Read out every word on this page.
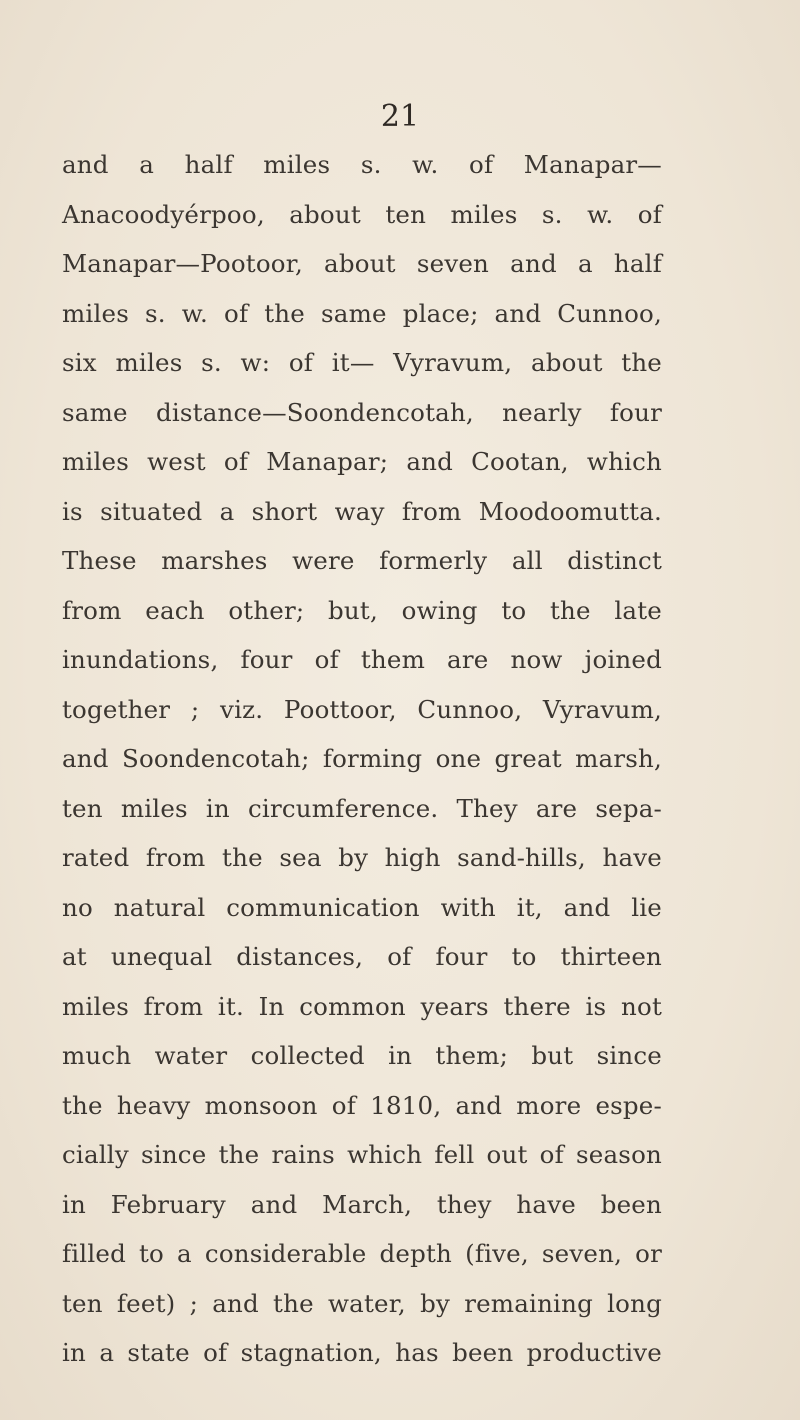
21
and a half miles s. w. of Manapar—
Anacoodyérpoo, about ten miles s. w. of
Manapar—Pootoor, about seven and a half
miles s. w. of the same place; and Cunnoo,
six miles s. w: of it— Vyravum, about the
same distance—Soondencotah, nearly four
miles west of Manapar; and Cootan, which
is situated a short way from Moodoomutta.
These marshes were formerly all distinct
from each other; but, owing to the late
inundations, four of them are now joined
together ; viz. Poottoor, Cunnoo, Vyravum,
and Soondencotah; forming one great marsh,
ten miles in circumference. They are sepa-
rated from the sea by high sand-hills, have
no natural communication with it, and lie
at unequal distances, of four to thirteen
miles from it. In common years there is not
much water collected in them; but since
the heavy monsoon of 1810, and more espe-
cially since the rains which fell out of season
in February and March, they have been
filled to a considerable depth (five, seven, or
ten feet) ; and the water, by remaining long
in a state of stagnation, has been productive
